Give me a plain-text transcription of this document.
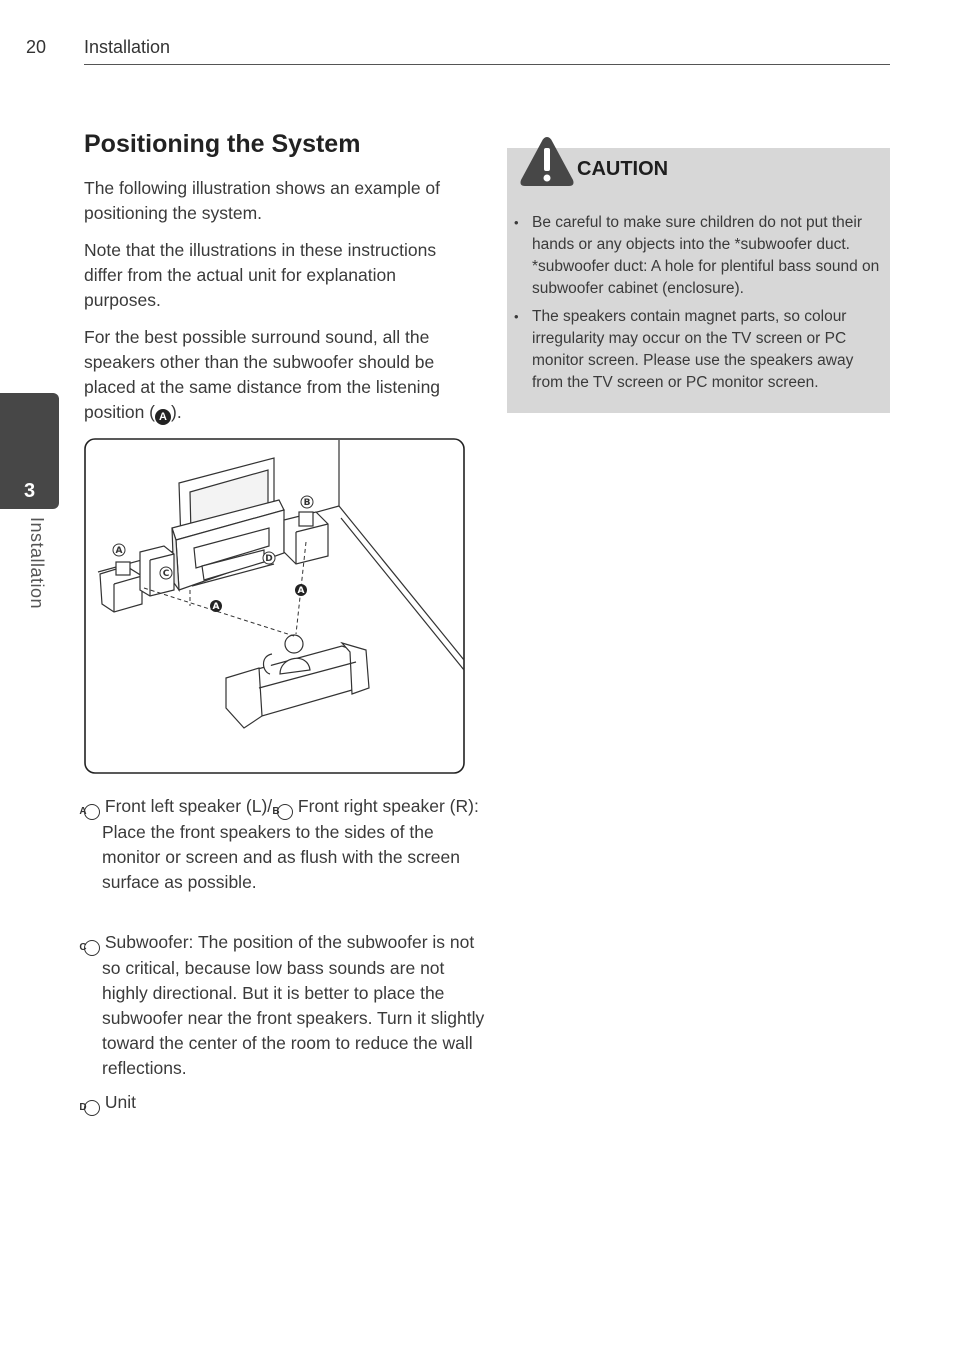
20 Installation
3
Installation
Positioning the System

The following illustration shows an example of positioning the system.

Note that the illustrations in these instructions differ from the actual unit for explanation purposes.

For the best possible surround sound, all the speakers other than the subwoofer should be placed at the same distance from the listening position ( A ).

A
B
C
D
A
A

A Front left speaker (L)/ B Front right speaker (R):
Place the front speakers to the sides of the monitor or screen and as flush with the screen surface as possible.

C Subwoofer: The position of the subwoofer is not so critical, because low bass sounds are not highly directional. But it is better to place the subwoofer near the front speakers. Turn it slightly toward the center of the room to reduce the wall reflections.

D Unit

CAUTION
• Be careful to make sure children do not put their hands or any objects into the *subwoofer duct. *subwoofer duct: A hole for plentiful bass sound on subwoofer cabinet (enclosure).
• The speakers contain magnet parts, so colour irregularity may occur on the TV screen or PC monitor screen. Please use the speakers away from the TV screen or PC monitor screen.
